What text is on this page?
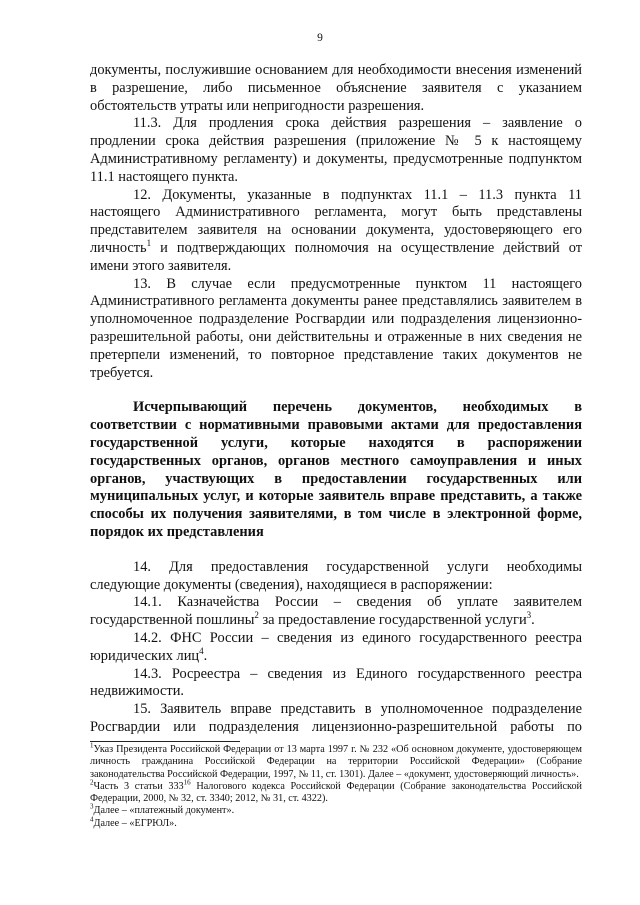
9

документы, послужившие основанием для необходимости внесения изменений в разрешение, либо письменное объяснение заявителя с указанием обстоятельств утраты или непригодности разрешения.

11.3. Для продления срока действия разрешения – заявление о продлении срока действия разрешения (приложение № 5 к настоящему Административному регламенту) и документы, предусмотренные подпунктом 11.1 настоящего пункта.

12. Документы, указанные в подпунктах 11.1 – 11.3 пункта 11 настоящего Административного регламента, могут быть представлены представителем заявителя на основании документа, удостоверяющего его личность$^1$ и подтверждающих полномочия на осуществление действий от имени этого заявителя.

13. В случае если предусмотренные пунктом 11 настоящего Административного регламента документы ранее представлялись заявителем в уполномоченное подразделение Росгвардии или подразделения лицензионно-разрешительной работы, они действительны и отраженные в них сведения не претерпели изменений, то повторное представление таких документов не требуется.

Исчерпывающий перечень документов, необходимых в соответствии с нормативными правовыми актами для предоставления государственной услуги, которые находятся в распоряжении государственных органов, органов местного самоуправления и иных органов, участвующих в предоставлении государственных или муниципальных услуг, и которые заявитель вправе представить, а также способы их получения заявителями, в том числе в электронной форме, порядок их представления

14. Для предоставления государственной услуги необходимы следующие документы (сведения), находящиеся в распоряжении:

14.1. Казначейства России – сведения об уплате заявителем государственной пошлины$^2$ за предоставление государственной услуги$^3$.

14.2. ФНС России – сведения из единого государственного реестра юридических лиц$^4$.

14.3. Росреестра – сведения из Единого государственного реестра недвижимости.

15. Заявитель вправе представить в уполномоченное подразделение Росгвардии или подразделения лицензионно-разрешительной работы по

$^1$Указ Президента Российской Федерации от 13 марта 1997 г. № 232 «Об основном документе, удостоверяющем личность гражданина Российской Федерации на территории Российской Федерации» (Собрание законодательства Российской Федерации, 1997, № 11, ст. 1301). Далее – «документ, удостоверяющий личность».

$^2$Часть 3 статьи $333^{16}$ Налогового кодекса Российской Федерации (Собрание законодательства Российской Федерации, 2000, № 32, ст. 3340; 2012, № 31, ст. 4322).

$^3$Далее – «платежный документ».

$^4$Далее – «ЕГРЮЛ».
